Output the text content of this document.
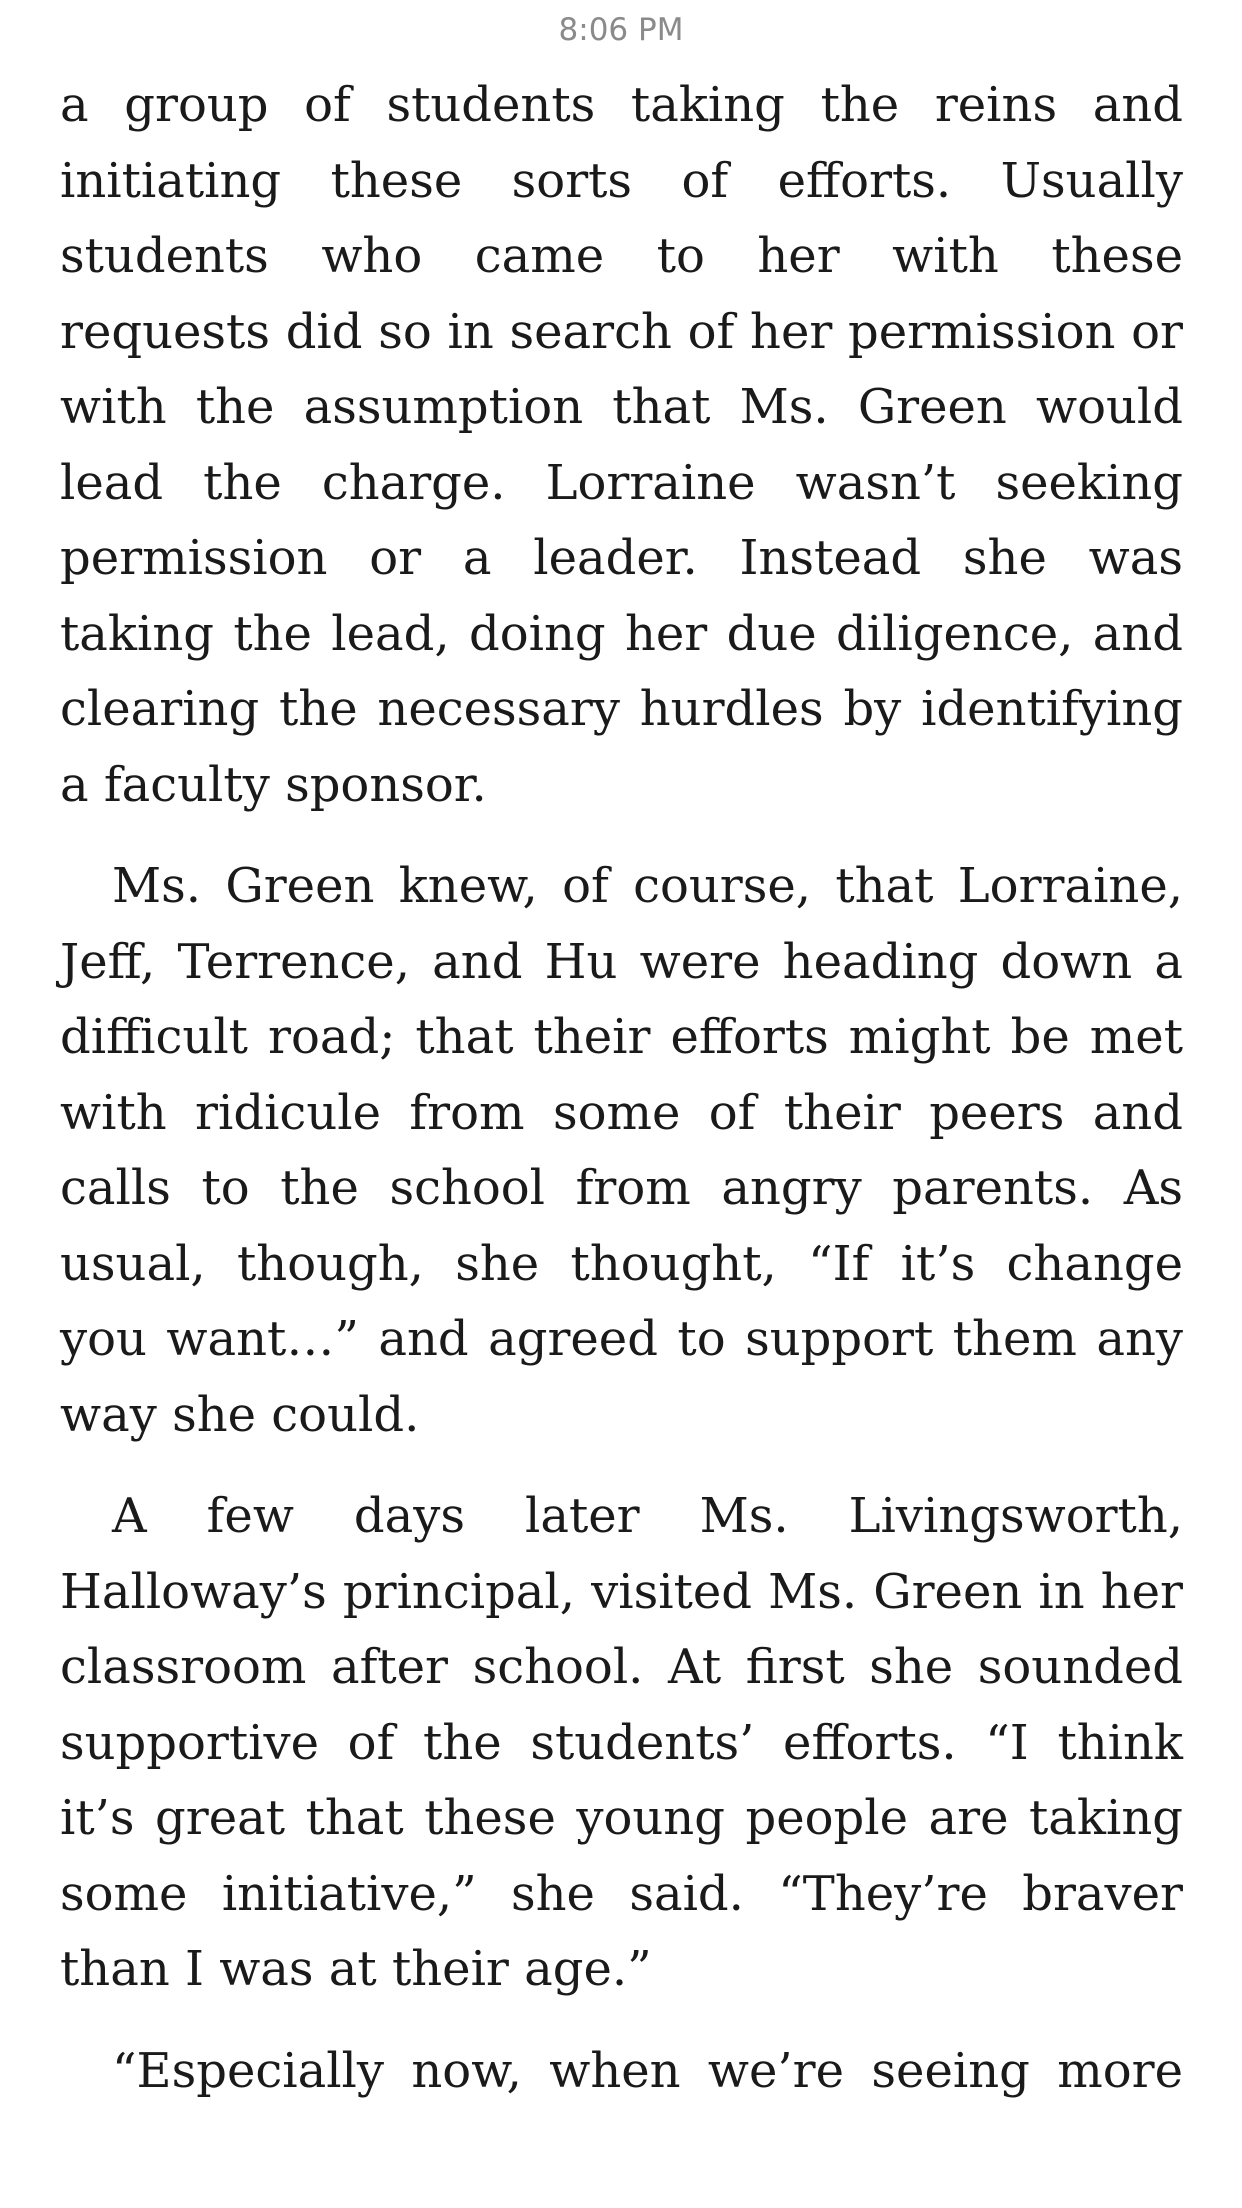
8:06 PM

a group of students taking the reins and initiating these sorts of efforts. Usually students who came to her with these requests did so in search of her permission or with the assumption that Ms. Green would lead the charge. Lorraine wasn’t seeking permission or a leader. Instead she was taking the lead, doing her due diligence, and clearing the necessary hurdles by identifying a faculty sponsor.

Ms. Green knew, of course, that Lorraine, Jeff, Terrence, and Hu were heading down a difficult road; that their efforts might be met with ridicule from some of their peers and calls to the school from angry parents. As usual, though, she thought, “If it’s change you want…” and agreed to support them any way she could.

A few days later Ms. Livingsworth, Halloway’s principal, visited Ms. Green in her classroom after school. At first she sounded supportive of the students’ efforts. “I think it’s great that these young people are taking some initiative,” she said. “They’re braver than I was at their age.”

“Especially now, when we’re seeing more
